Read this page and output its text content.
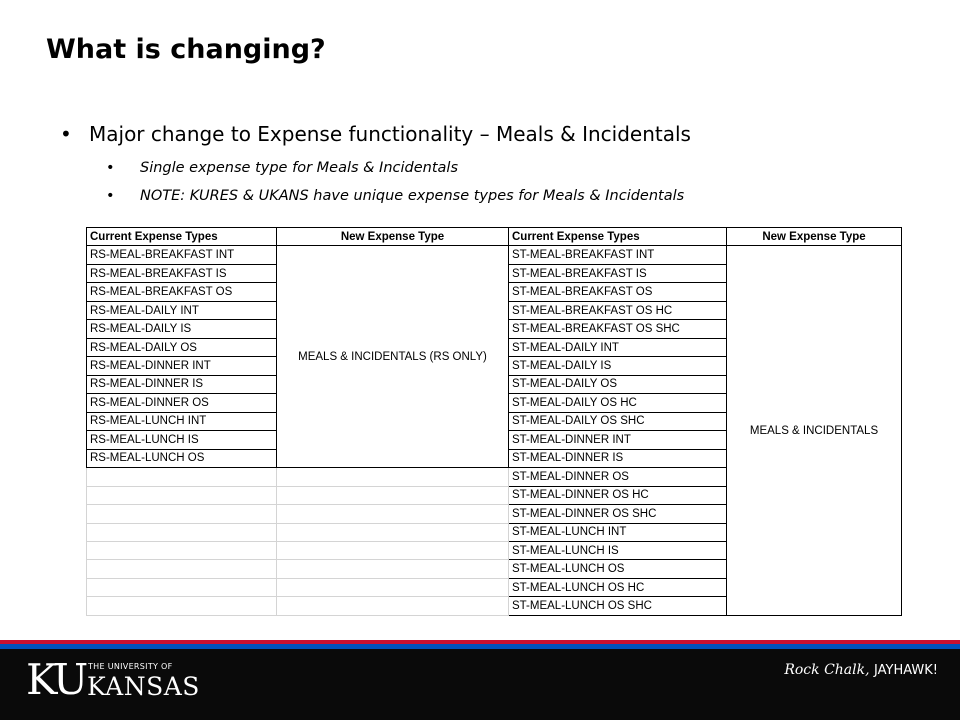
What is changing?
• Major change to Expense functionality – Meals & Incidentals
• Single expense type for Meals & Incidentals
• NOTE: KURES & UKANS have unique expense types for Meals & Incidentals
Current Expense Types	New Expense Type	Current Expense Types	New Expense Type
RS-MEAL-BREAKFAST INT	MEALS & INCIDENTALS (RS ONLY)	ST-MEAL-BREAKFAST INT	MEALS & INCIDENTALS
RS-MEAL-BREAKFAST IS		ST-MEAL-BREAKFAST IS	
RS-MEAL-BREAKFAST OS		ST-MEAL-BREAKFAST OS	
RS-MEAL-DAILY INT		ST-MEAL-BREAKFAST OS HC	
RS-MEAL-DAILY IS		ST-MEAL-BREAKFAST OS SHC	
RS-MEAL-DAILY OS		ST-MEAL-DAILY INT	
RS-MEAL-DINNER INT		ST-MEAL-DAILY IS	
RS-MEAL-DINNER IS		ST-MEAL-DAILY OS	
RS-MEAL-DINNER OS		ST-MEAL-DAILY OS HC	
RS-MEAL-LUNCH INT		ST-MEAL-DAILY OS SHC	
RS-MEAL-LUNCH IS		ST-MEAL-DINNER INT	
RS-MEAL-LUNCH OS		ST-MEAL-DINNER IS	
		ST-MEAL-DINNER OS	
		ST-MEAL-DINNER OS HC	
		ST-MEAL-DINNER OS SHC	
		ST-MEAL-LUNCH INT	
		ST-MEAL-LUNCH IS	
		ST-MEAL-LUNCH OS	
		ST-MEAL-LUNCH OS HC	
		ST-MEAL-LUNCH OS SHC	
KU THE UNIVERSITY OF
KANSAS
Rock Chalk, JAYHAWK!
